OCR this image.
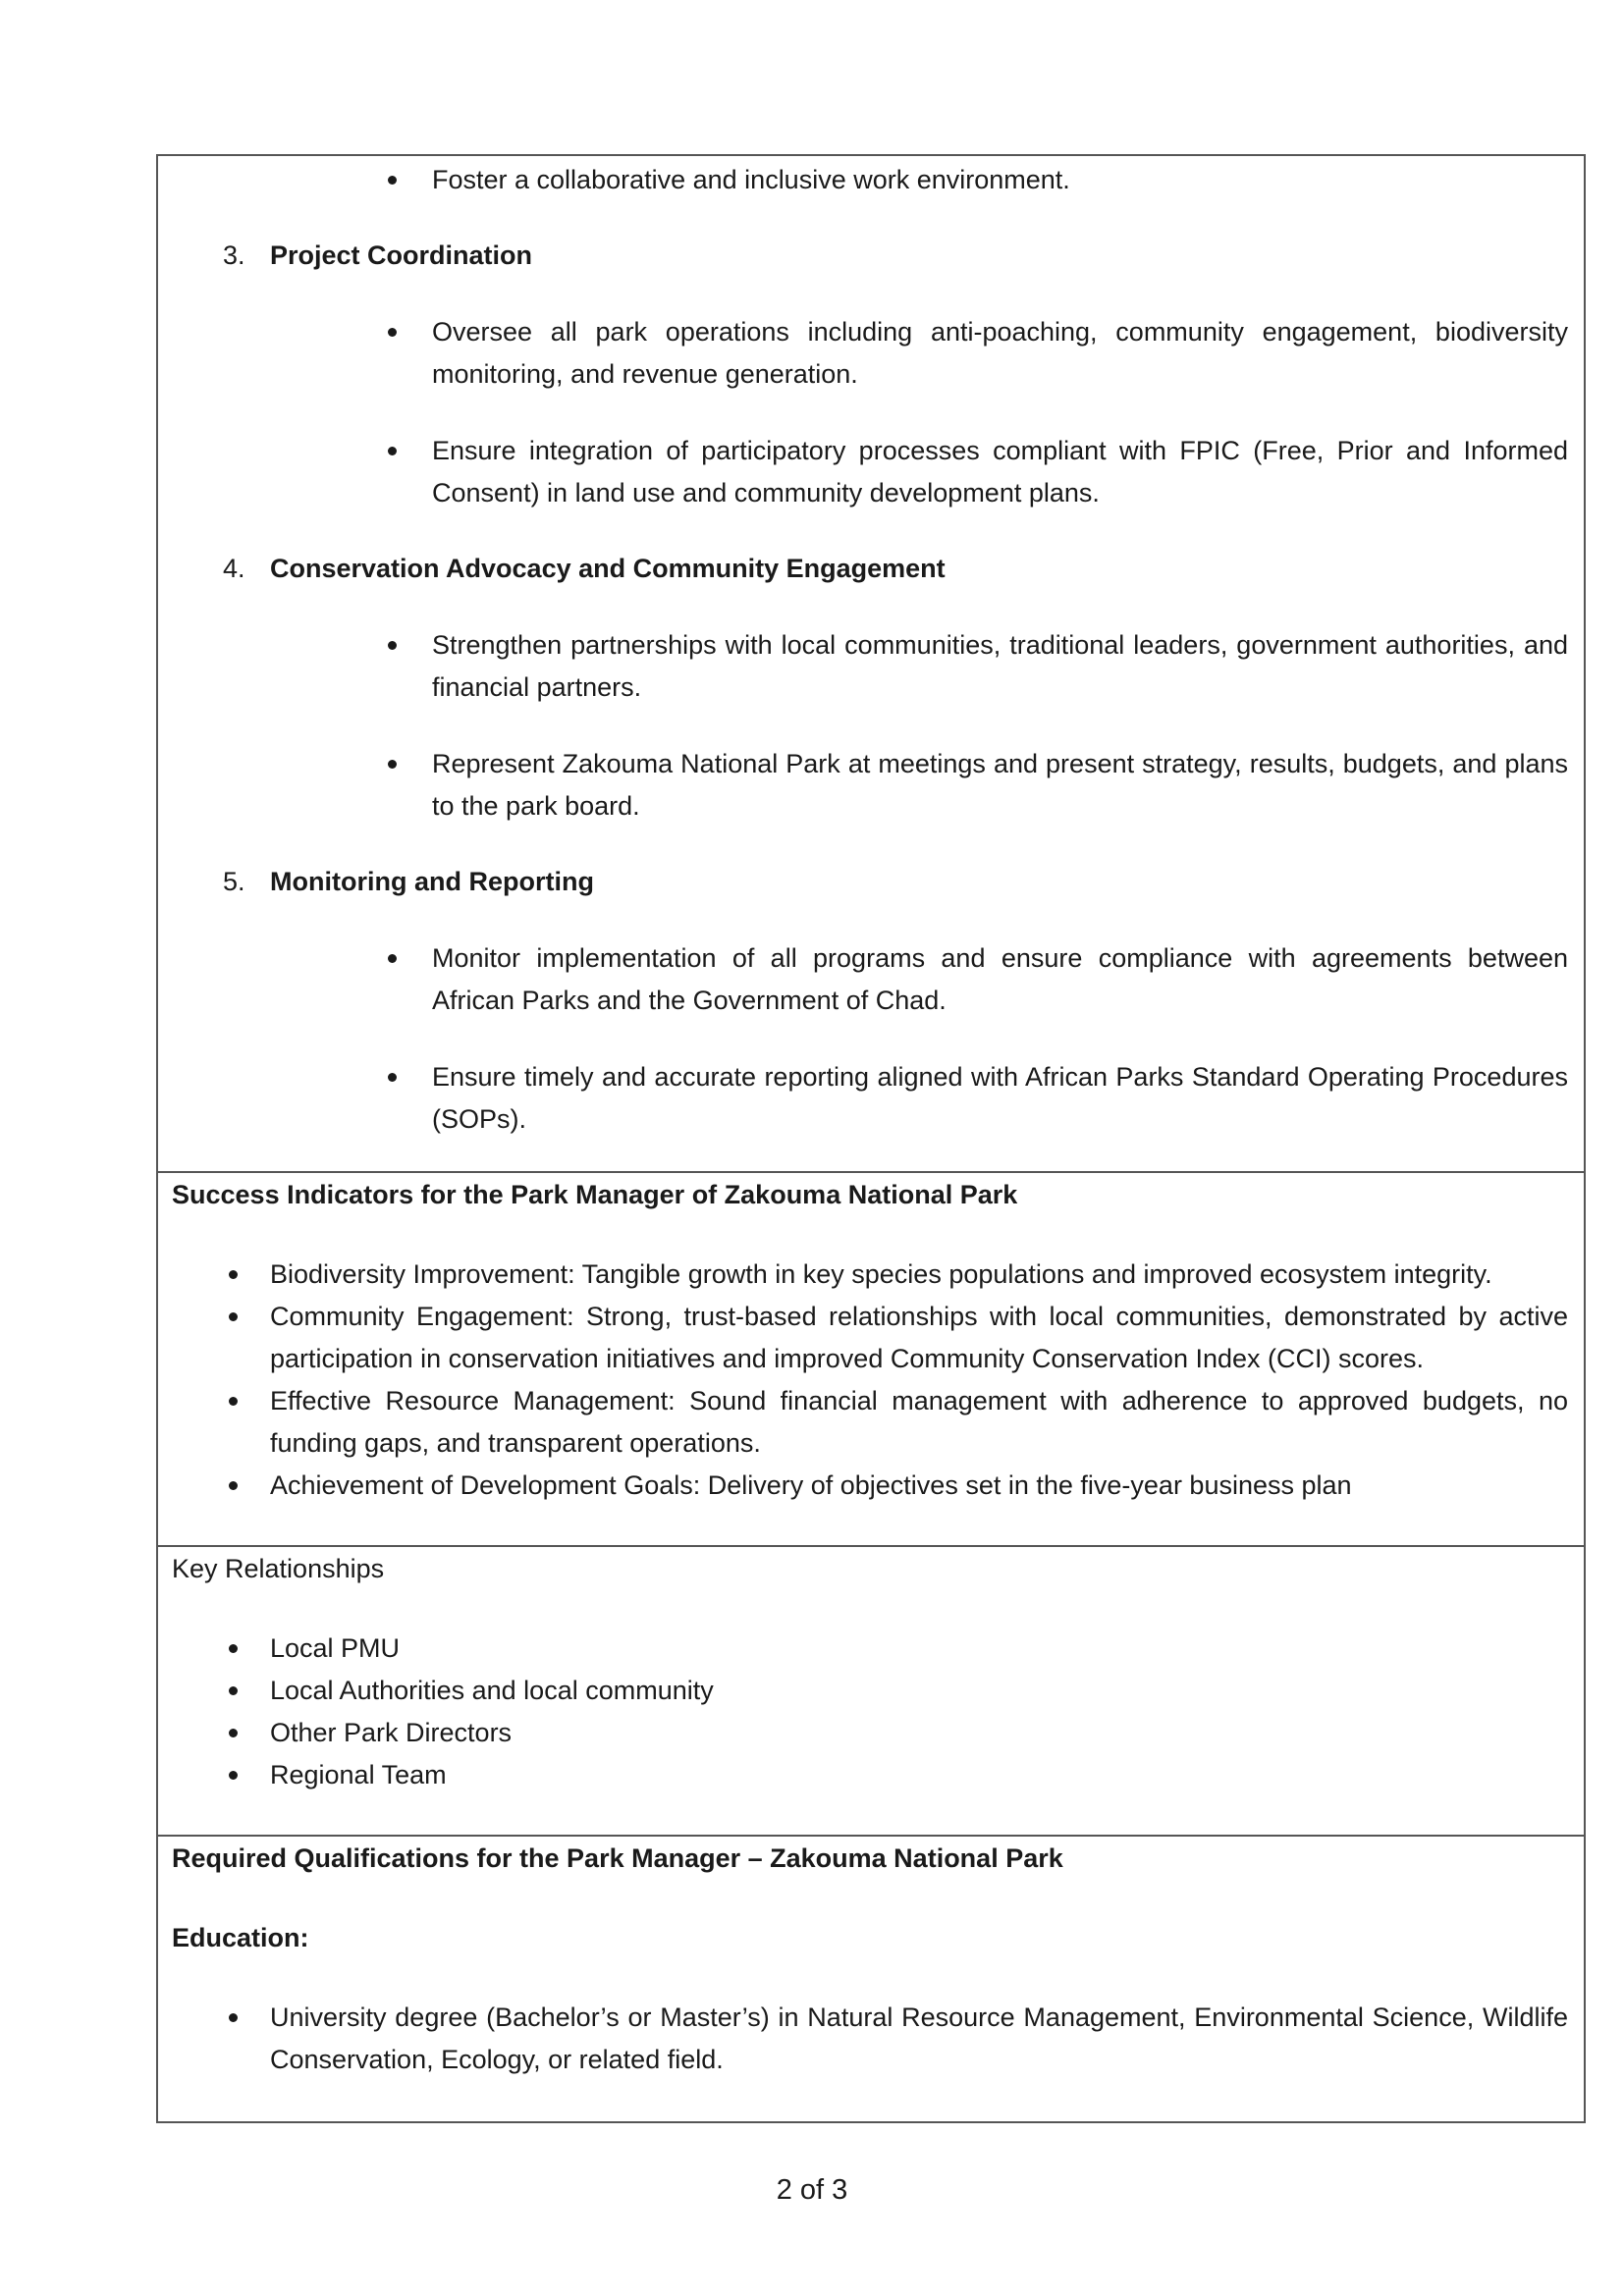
Foster a collaborative and inclusive work environment.
3. Project Coordination
Oversee all park operations including anti-poaching, community engagement, biodiversity monitoring, and revenue generation.
Ensure integration of participatory processes compliant with FPIC (Free, Prior and Informed Consent) in land use and community development plans.
4. Conservation Advocacy and Community Engagement
Strengthen partnerships with local communities, traditional leaders, government authorities, and financial partners.
Represent Zakouma National Park at meetings and present strategy, results, budgets, and plans to the park board.
5. Monitoring and Reporting
Monitor implementation of all programs and ensure compliance with agreements between African Parks and the Government of Chad.
Ensure timely and accurate reporting aligned with African Parks Standard Operating Procedures (SOPs).
Success Indicators for the Park Manager of Zakouma National Park
Biodiversity Improvement: Tangible growth in key species populations and improved ecosystem integrity.
Community Engagement: Strong, trust-based relationships with local communities, demonstrated by active participation in conservation initiatives and improved Community Conservation Index (CCI) scores.
Effective Resource Management: Sound financial management with adherence to approved budgets, no funding gaps, and transparent operations.
Achievement of Development Goals: Delivery of objectives set in the five-year business plan
Key Relationships
Local PMU
Local Authorities and local community
Other Park Directors
Regional Team
Required Qualifications for the Park Manager – Zakouma National Park
Education:
University degree (Bachelor’s or Master’s) in Natural Resource Management, Environmental Science, Wildlife Conservation, Ecology, or related field.
2 of 3
